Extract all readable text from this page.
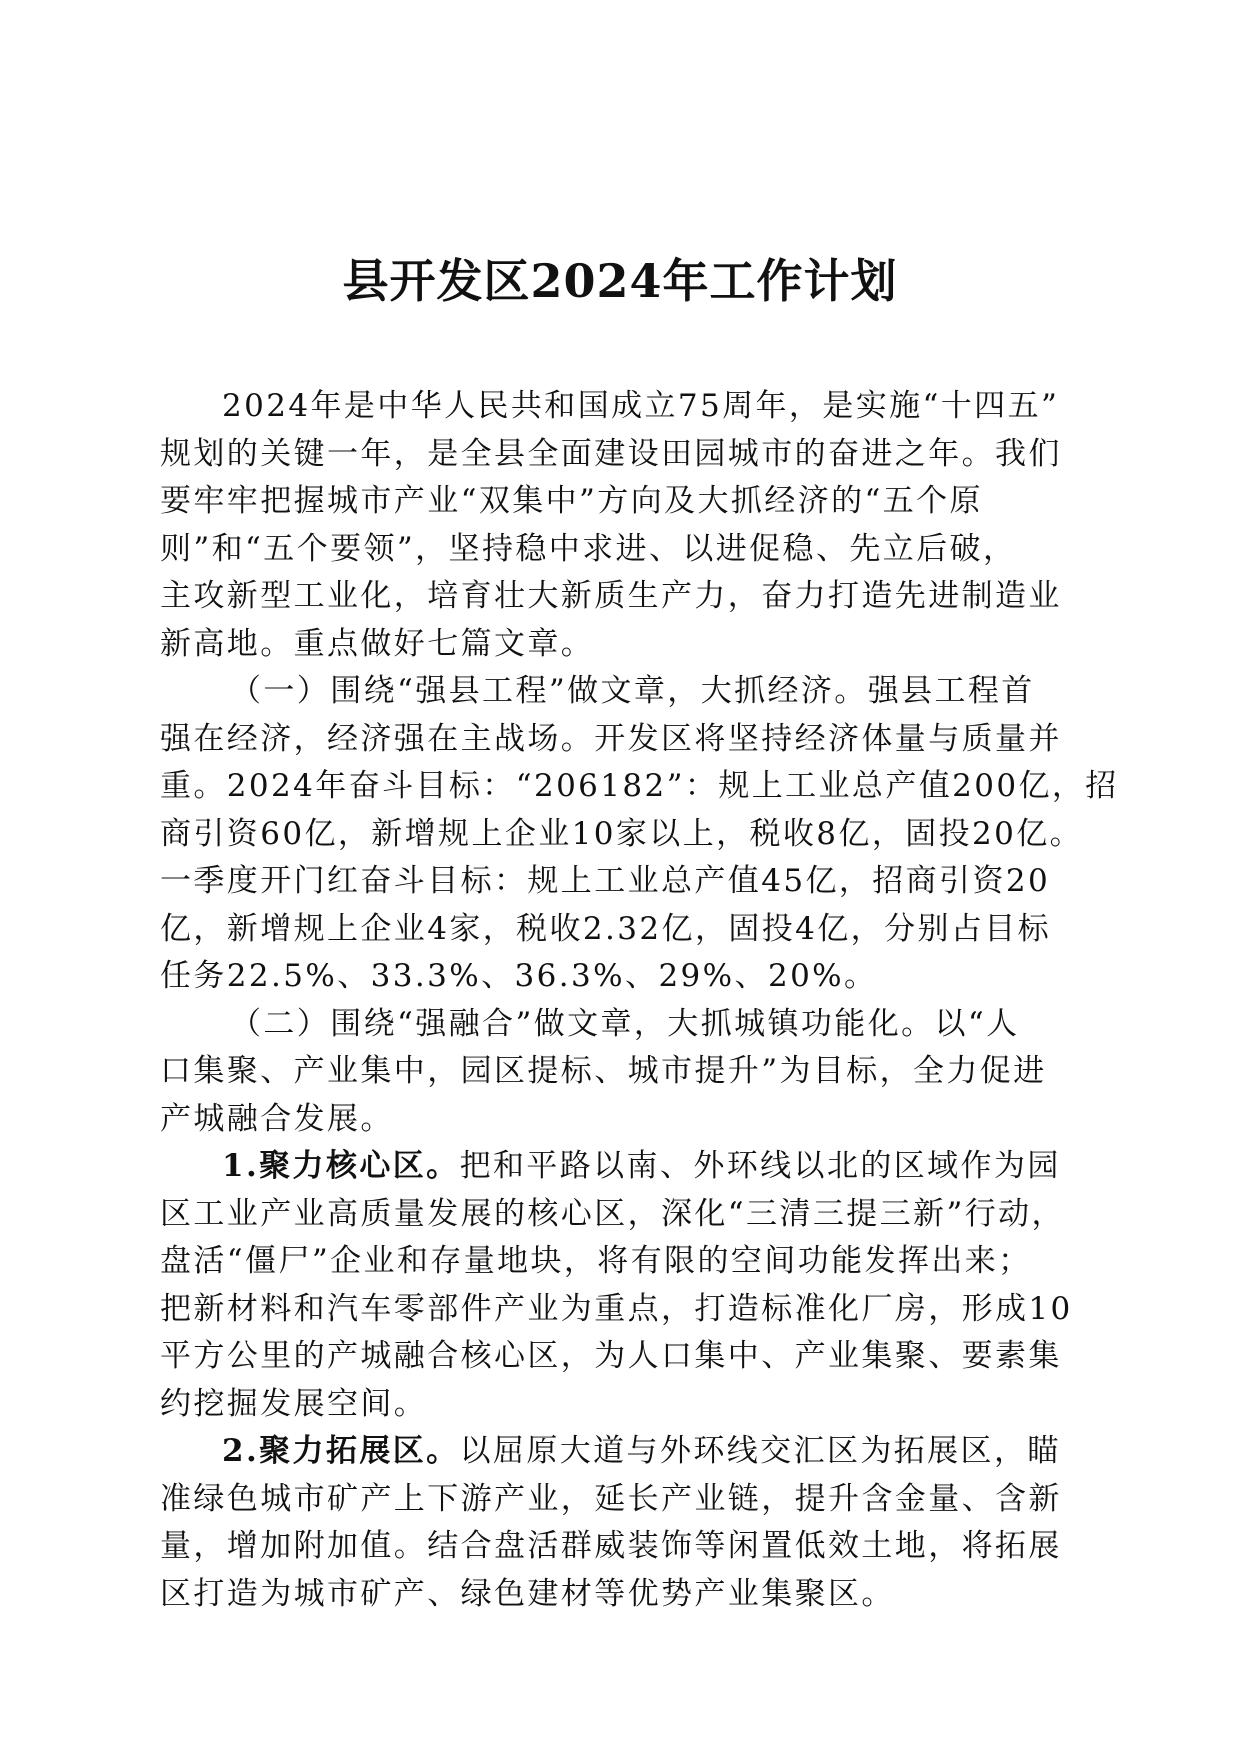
县开发区2024年工作计划
2024年是中华人民共和国成立75周年，是实施“十四五”
规划的关键一年，是全县全面建设田园城市的奋进之年。我们
要牢牢把握城市产业“双集中”方向及大抓经济的“五个原
则”和“五个要领”，坚持稳中求进、以进促稳、先立后破，
主攻新型工业化，培育壮大新质生产力，奋力打造先进制造业
新高地。重点做好七篇文章。
（一）围绕“强县工程”做文章，大抓经济。强县工程首
强在经济，经济强在主战场。开发区将坚持经济体量与质量并
重。2024年奋斗目标：“206182”：规上工业总产值200亿，招
商引资60亿，新增规上企业10家以上，税收8亿，固投20亿。
一季度开门红奋斗目标：规上工业总产值45亿，招商引资20
亿，新增规上企业4家，税收2.32亿，固投4亿，分别占目标
任务22.5%、33.3%、36.3%、29%、20%。
（二）围绕“强融合”做文章，大抓城镇功能化。以“人
口集聚、产业集中，园区提标、城市提升”为目标，全力促进
产城融合发展。
1.聚力核心区。把和平路以南、外环线以北的区域作为园
区工业产业高质量发展的核心区，深化“三清三提三新”行动，
盘活“僵尸”企业和存量地块，将有限的空间功能发挥出来；
把新材料和汽车零部件产业为重点，打造标准化厂房，形成10
平方公里的产城融合核心区，为人口集中、产业集聚、要素集
约挖掘发展空间。
2.聚力拓展区。以屈原大道与外环线交汇区为拓展区，瞄
准绿色城市矿产上下游产业，延长产业链，提升含金量、含新
量，增加附加值。结合盘活群威装饰等闲置低效土地，将拓展
区打造为城市矿产、绿色建材等优势产业集聚区。
